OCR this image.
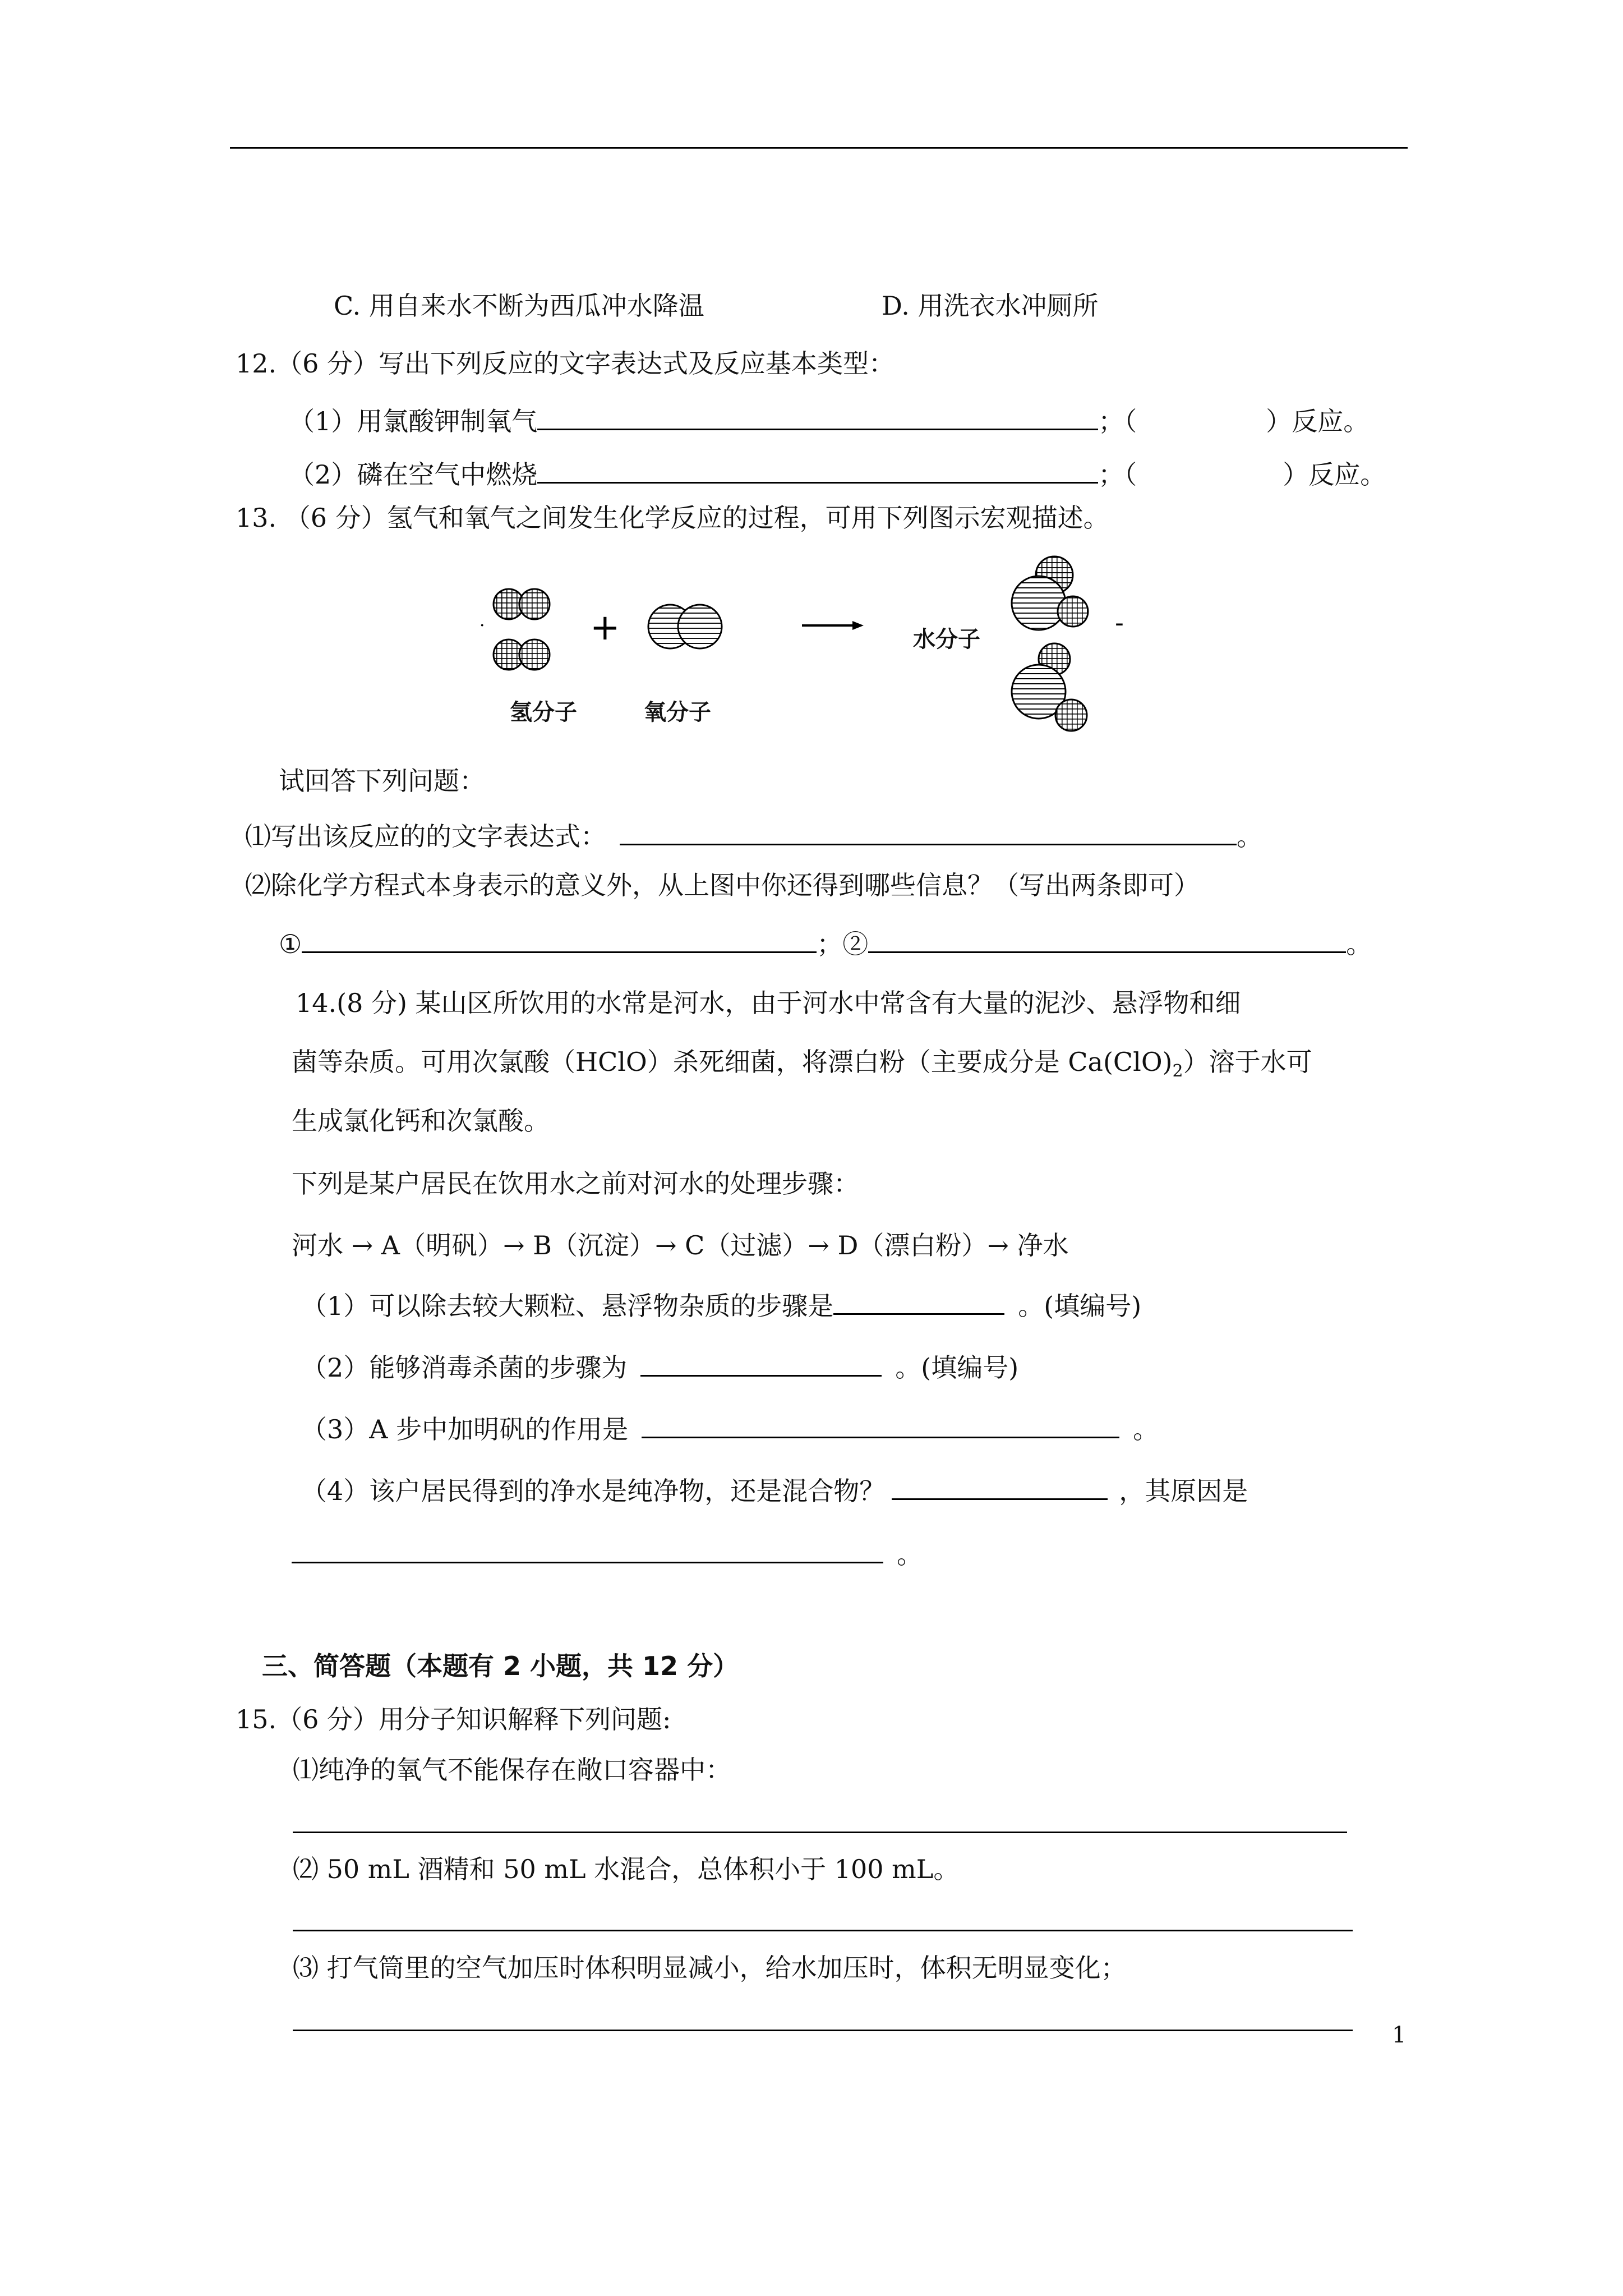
C. 用自来水不断为西瓜冲水降温	D. 用洗衣水冲厕所
12.（6 分）写出下列反应的文字表达式及反应基本类型：
（1）用氯酸钾制氧气	；（	）反应。
（2）磷在空气中燃烧	；（	）反应。
13. （6 分）氢气和氧气之间发生化学反应的过程，可用下列图示宏观描述。
·	+	-
氢分子	氧分子
水分子
试回答下列问题：
⑴写出该反应的的文字表达式：	。
⑵除化学方程式本身表示的意义外，从上图中你还得到哪些信息？（写出两条即可）
①	；②	。
14.(8 分) 某山区所饮用的水常是河水，由于河水中常含有大量的泥沙、悬浮物和细
菌等杂质。可用次氯酸（HClO）杀死细菌，将漂白粉（主要成分是 $Ca(ClO)_2$）溶于水可
生成氯化钙和次氯酸。
下列是某户居民在饮用水之前对河水的处理步骤：
河水 → A（明矾）→ B（沉淀）→ C（过滤）→ D（漂白粉）→ 净水
（1）可以除去较大颗粒、悬浮物杂质的步骤是	。(填编号)
（2）能够消毒杀菌的步骤为	。(填编号)
（3）A 步中加明矾的作用是	。
（4）该户居民得到的净水是纯净物，还是混合物？	，其原因是
。
三、简答题（本题有 2 小题，共 12 分）
15.（6 分）用分子知识解释下列问题:
⑴纯净的氧气不能保存在敞口容器中：
⑵ 50 mL 酒精和 50 mL 水混合，总体积小于 100 mL。
⑶ 打气筒里的空气加压时体积明显减小，给水加压时，体积无明显变化；
1
